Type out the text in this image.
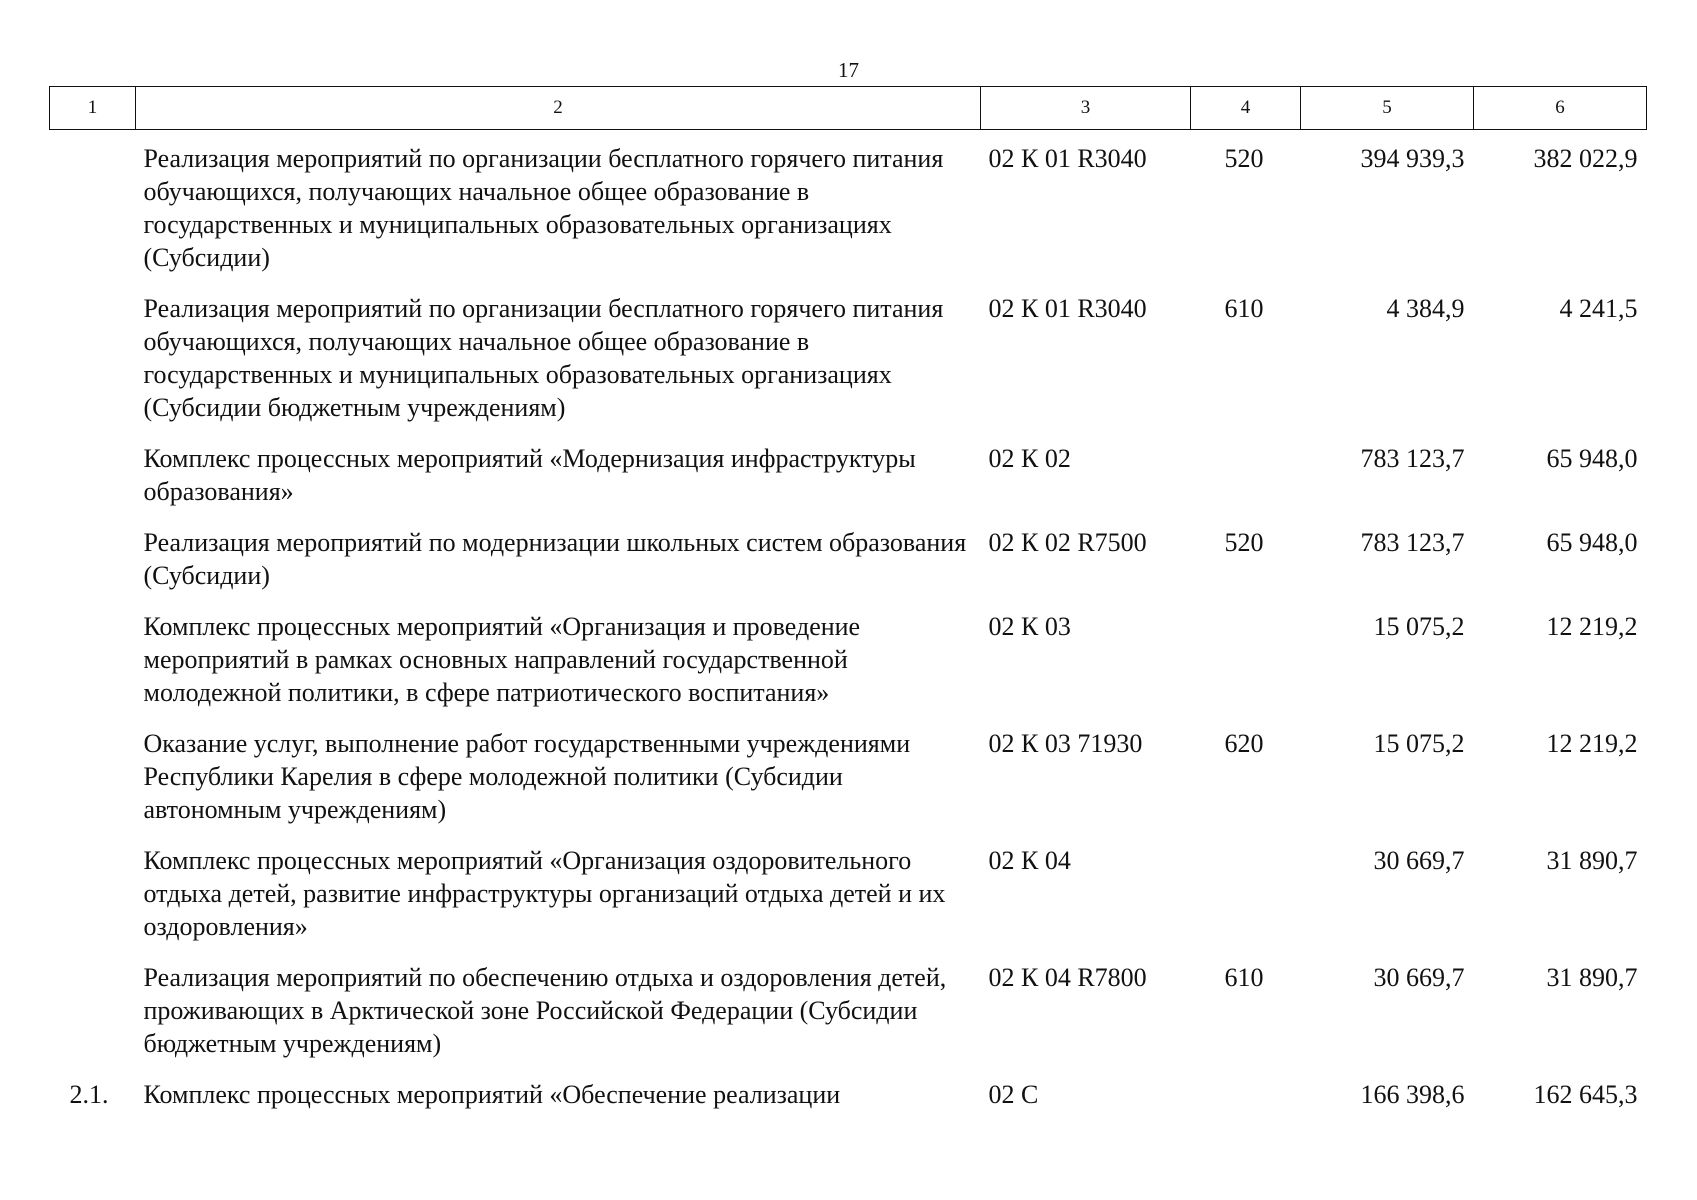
17
1	2	3	4	5	6
	Реализация мероприятий по организации бесплатного горячего питания обучающихся, получающих начальное общее образование в государственных и муниципальных образовательных организациях (Субсидии)	02 К 01 R3040	520	394 939,3	382 022,9
	Реализация мероприятий по организации бесплатного горячего питания обучающихся, получающих начальное общее образование в государственных и муниципальных образовательных организациях (Субсидии бюджетным учреждениям)	02 К 01 R3040	610	4 384,9	4 241,5
	Комплекс процессных мероприятий «Модернизация инфраструктуры образования»	02 К 02		783 123,7	65 948,0
	Реализация мероприятий по модернизации школьных систем образования (Субсидии)	02 К 02 R7500	520	783 123,7	65 948,0
	Комплекс процессных мероприятий «Организация и проведение мероприятий в рамках основных направлений государственной молодежной политики, в сфере патриотического воспитания»	02 К 03		15 075,2	12 219,2
	Оказание услуг, выполнение работ государственными учреждениями Республики Карелия в сфере молодежной политики (Субсидии автономным учреждениям)	02 К 03 71930	620	15 075,2	12 219,2
	Комплекс процессных мероприятий «Организация оздоровительного отдыха детей, развитие инфраструктуры организаций отдыха детей и их оздоровления»	02 К 04		30 669,7	31 890,7
	Реализация мероприятий по обеспечению отдыха и оздоровления детей, проживающих в Арктической зоне Российской Федерации (Субсидии бюджетным учреждениям)	02 К 04 R7800	610	30 669,7	31 890,7
2.1.	Комплекс процессных мероприятий «Обеспечение реализации	02 С		166 398,6	162 645,3
